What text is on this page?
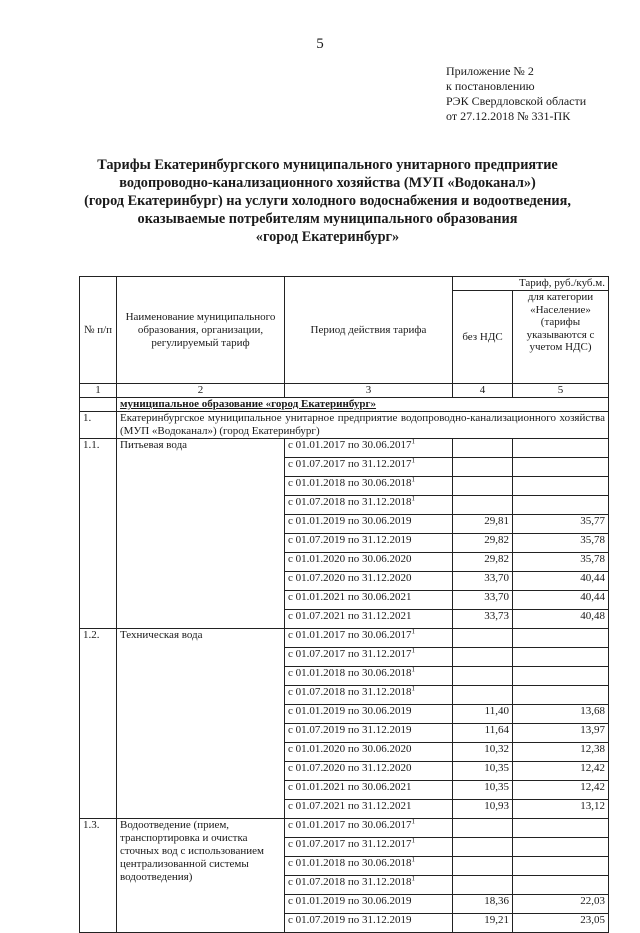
5
Приложение № 2
к постановлению
РЭК Свердловской области
от 27.12.2018 № 331-ПК
Тарифы Екатеринбургского муниципального унитарного предприятие
водопроводно-канализационного хозяйства (МУП «Водоканал»)
(город Екатеринбург) на услуги холодного водоснабжения и водоотведения,
оказываемые потребителям муниципального образования
«город Екатеринбург»
№ п/п	Наименование муниципального образования, организации, регулируемый тариф	Период действия тарифа	Тариф, руб./куб.м.	
			без НДС	для категории «Население» (тарифы указываются с учетом НДС)
1	2	3	4	5
	муниципальное образование «город Екатеринбург»			
1.	Екатеринбургское муниципальное унитарное предприятие водопроводно-канализационного хозяйства (МУП «Водоканал») (город Екатеринбург)			
1.1.	Питьевая вода	с 01.01.2017 по 30.06.2017$^1$		
		с 01.07.2017 по 31.12.2017$^1$		
		с 01.01.2018 по 30.06.2018$^1$		
		с 01.07.2018 по 31.12.2018$^1$		
		с 01.01.2019 по 30.06.2019	29,81	35,77
		с 01.07.2019 по 31.12.2019	29,82	35,78
		с 01.01.2020 по 30.06.2020	29,82	35,78
		с 01.07.2020 по 31.12.2020	33,70	40,44
		с 01.01.2021 по 30.06.2021	33,70	40,44
		с 01.07.2021 по 31.12.2021	33,73	40,48
1.2.	Техническая вода	с 01.01.2017 по 30.06.2017$^1$		
		с 01.07.2017 по 31.12.2017$^1$		
		с 01.01.2018 по 30.06.2018$^1$		
		с 01.07.2018 по 31.12.2018$^1$		
		с 01.01.2019 по 30.06.2019	11,40	13,68
		с 01.07.2019 по 31.12.2019	11,64	13,97
		с 01.01.2020 по 30.06.2020	10,32	12,38
		с 01.07.2020 по 31.12.2020	10,35	12,42
		с 01.01.2021 по 30.06.2021	10,35	12,42
		с 01.07.2021 по 31.12.2021	10,93	13,12
1.3.	Водоотведение (прием, транспортировка и очистка сточных вод с использованием централизованной системы водоотведения)	с 01.01.2017 по 30.06.2017$^1$		
		с 01.07.2017 по 31.12.2017$^1$		
		с 01.01.2018 по 30.06.2018$^1$		
		с 01.07.2018 по 31.12.2018$^1$		
		с 01.01.2019 по 30.06.2019	18,36	22,03
		с 01.07.2019 по 31.12.2019	19,21	23,05
